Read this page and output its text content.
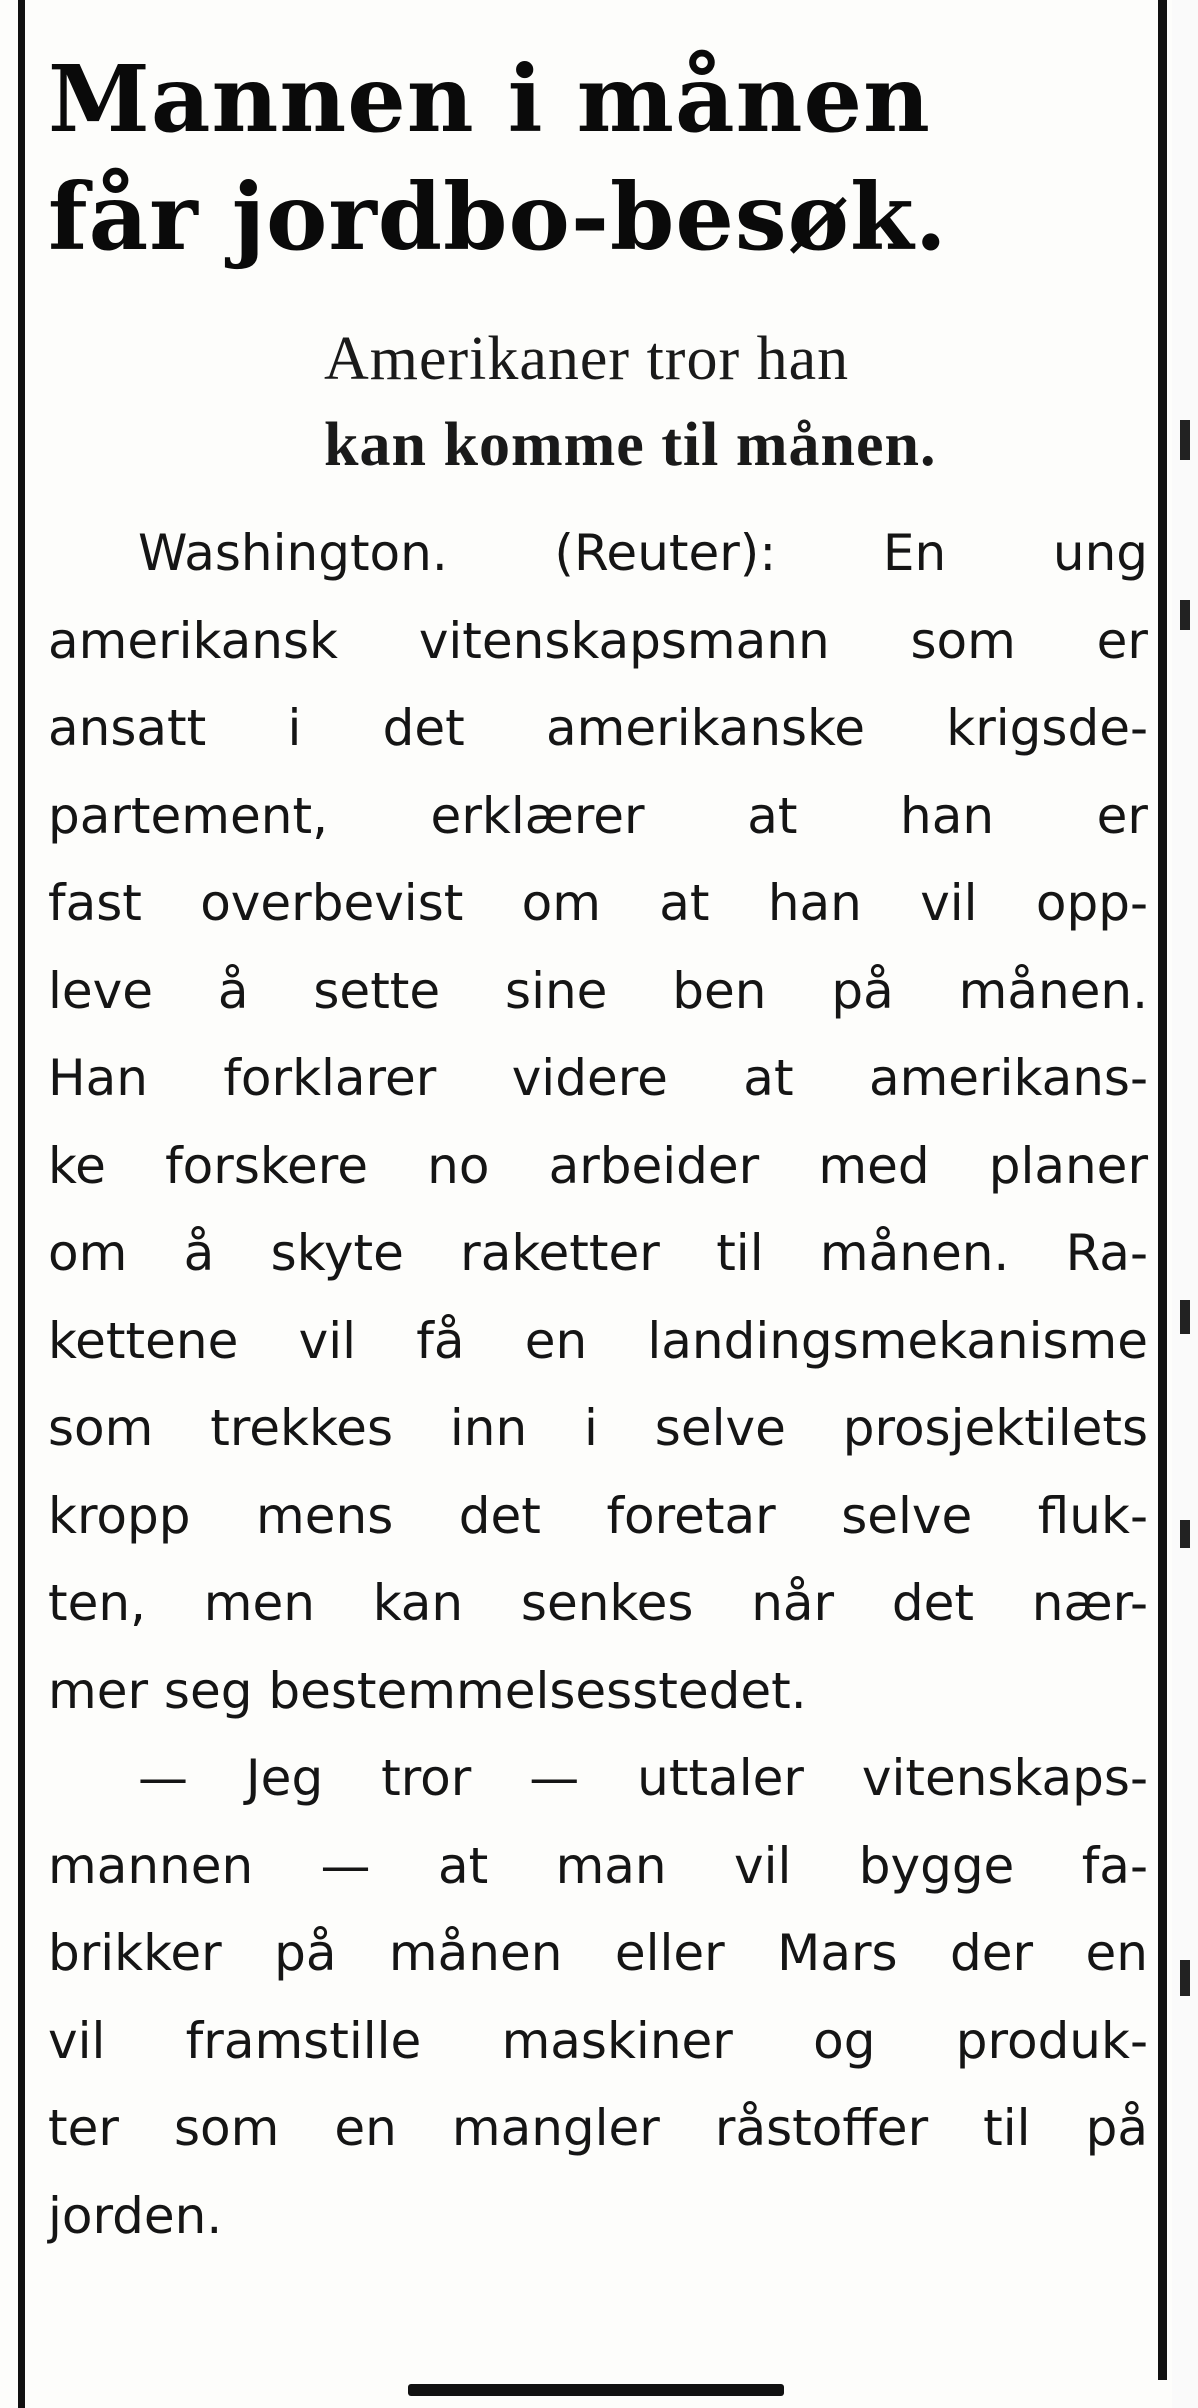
Mannen i månen
får jordbo-besøk.
Amerikaner tror han
kan komme til månen.
Washington. (Reuter): En ung
amerikansk vitenskapsmann som er
ansatt i det amerikanske krigsde-
partement, erklærer at han er
fast overbevist om at han vil opp-
leve å sette sine ben på månen.
Han forklarer videre at amerikans-
ke forskere no arbeider med planer
om å skyte raketter til månen. Ra-
kettene vil få en landingsmekanisme
som trekkes inn i selve prosjektilets
kropp mens det foretar selve fluk-
ten, men kan senkes når det nær-
mer seg bestemmelsesstedet.
— Jeg tror — uttaler vitenskaps-
mannen — at man vil bygge fa-
brikker på månen eller Mars der en
vil framstille maskiner og produk-
ter som en mangler råstoffer til på
jorden.
